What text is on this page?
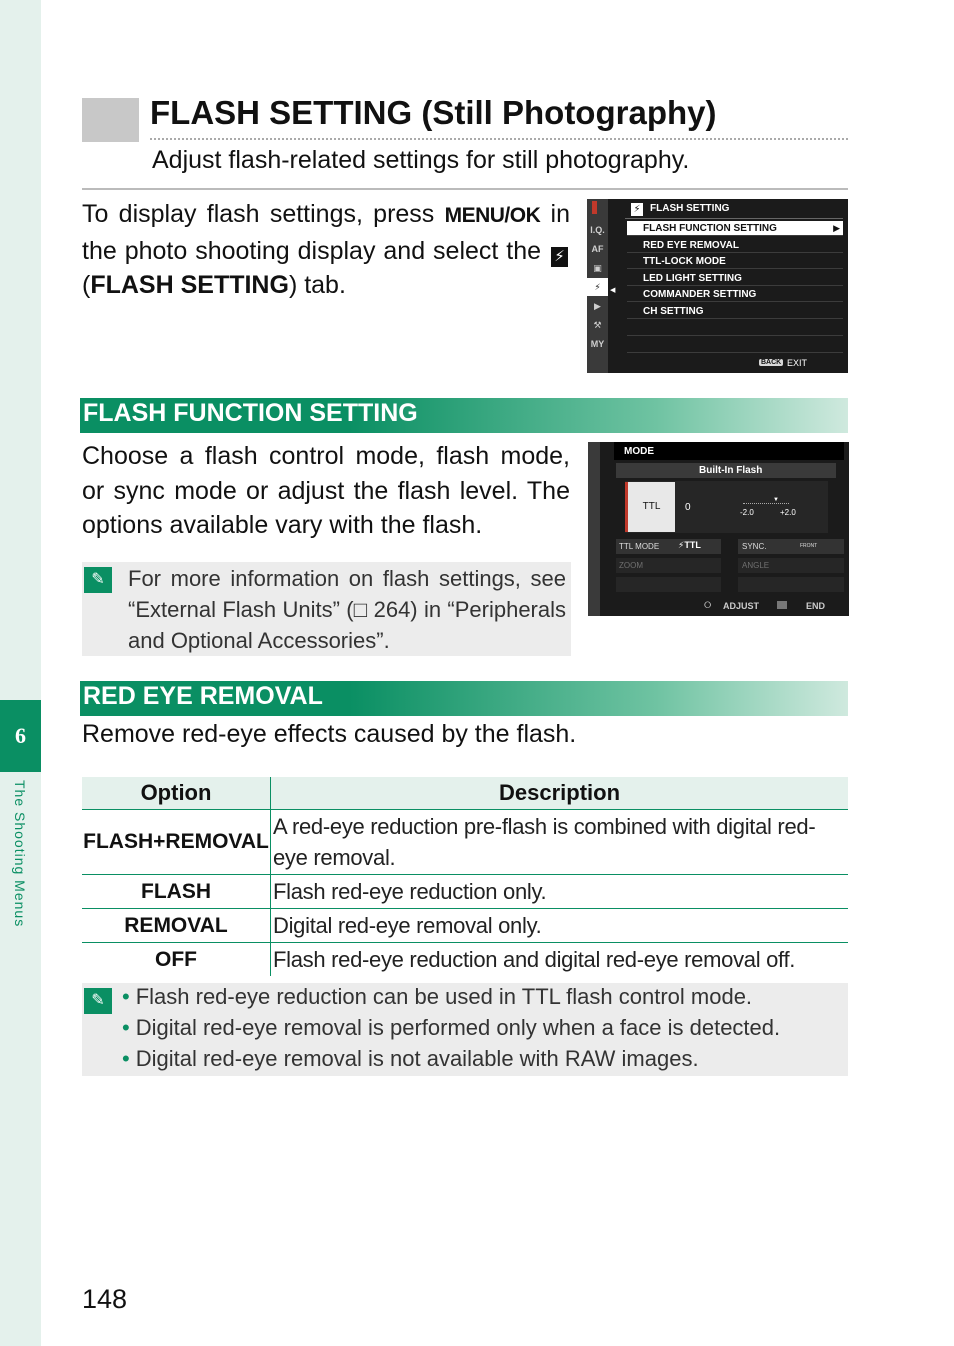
6
The Shooting Menus
FLASH SETTING (Still Photography)
Adjust flash-related settings for still photography.
To display flash settings, press MENU/OK in the photo shooting display and select the ⚡ (FLASH SETTING) tab.
I.Q.
AF
▣
⚡
▶
⚒
MY
◀
⚡ FLASH SETTING
FLASH FUNCTION SETTING	▶
RED EYE REMOVAL
TTL-LOCK MODE
LED LIGHT SETTING
COMMANDER SETTING
CH SETTING
BACK EXIT
FLASH FUNCTION SETTING
Choose a flash control mode, flash mode, or sync mode or adjust the flash level. The options available vary with the flash.
✎	For more information on flash settings, see “External Flash Units” (□ 264) in “Peripherals and Optional Accessories”.
MODE
Built-In Flash
TTL	0
▼
-2.0	+2.0
TTL MODE ⚡TTL	SYNC.	FRONT
ZOOM	ANGLE
⭘ ADJUST	END
RED EYE REMOVAL
Remove red-eye effects caused by the flash.
Option	Description
FLASH+REMOVAL	A red-eye reduction pre-flash is combined with digital red-eye removal.
FLASH	Flash red-eye reduction only.
REMOVAL	Digital red-eye removal only.
OFF	Flash red-eye reduction and digital red-eye removal off.
✎	• Flash red-eye reduction can be used in TTL flash control mode.
• Digital red-eye removal is performed only when a face is detected.
• Digital red-eye removal is not available with RAW images.
148
